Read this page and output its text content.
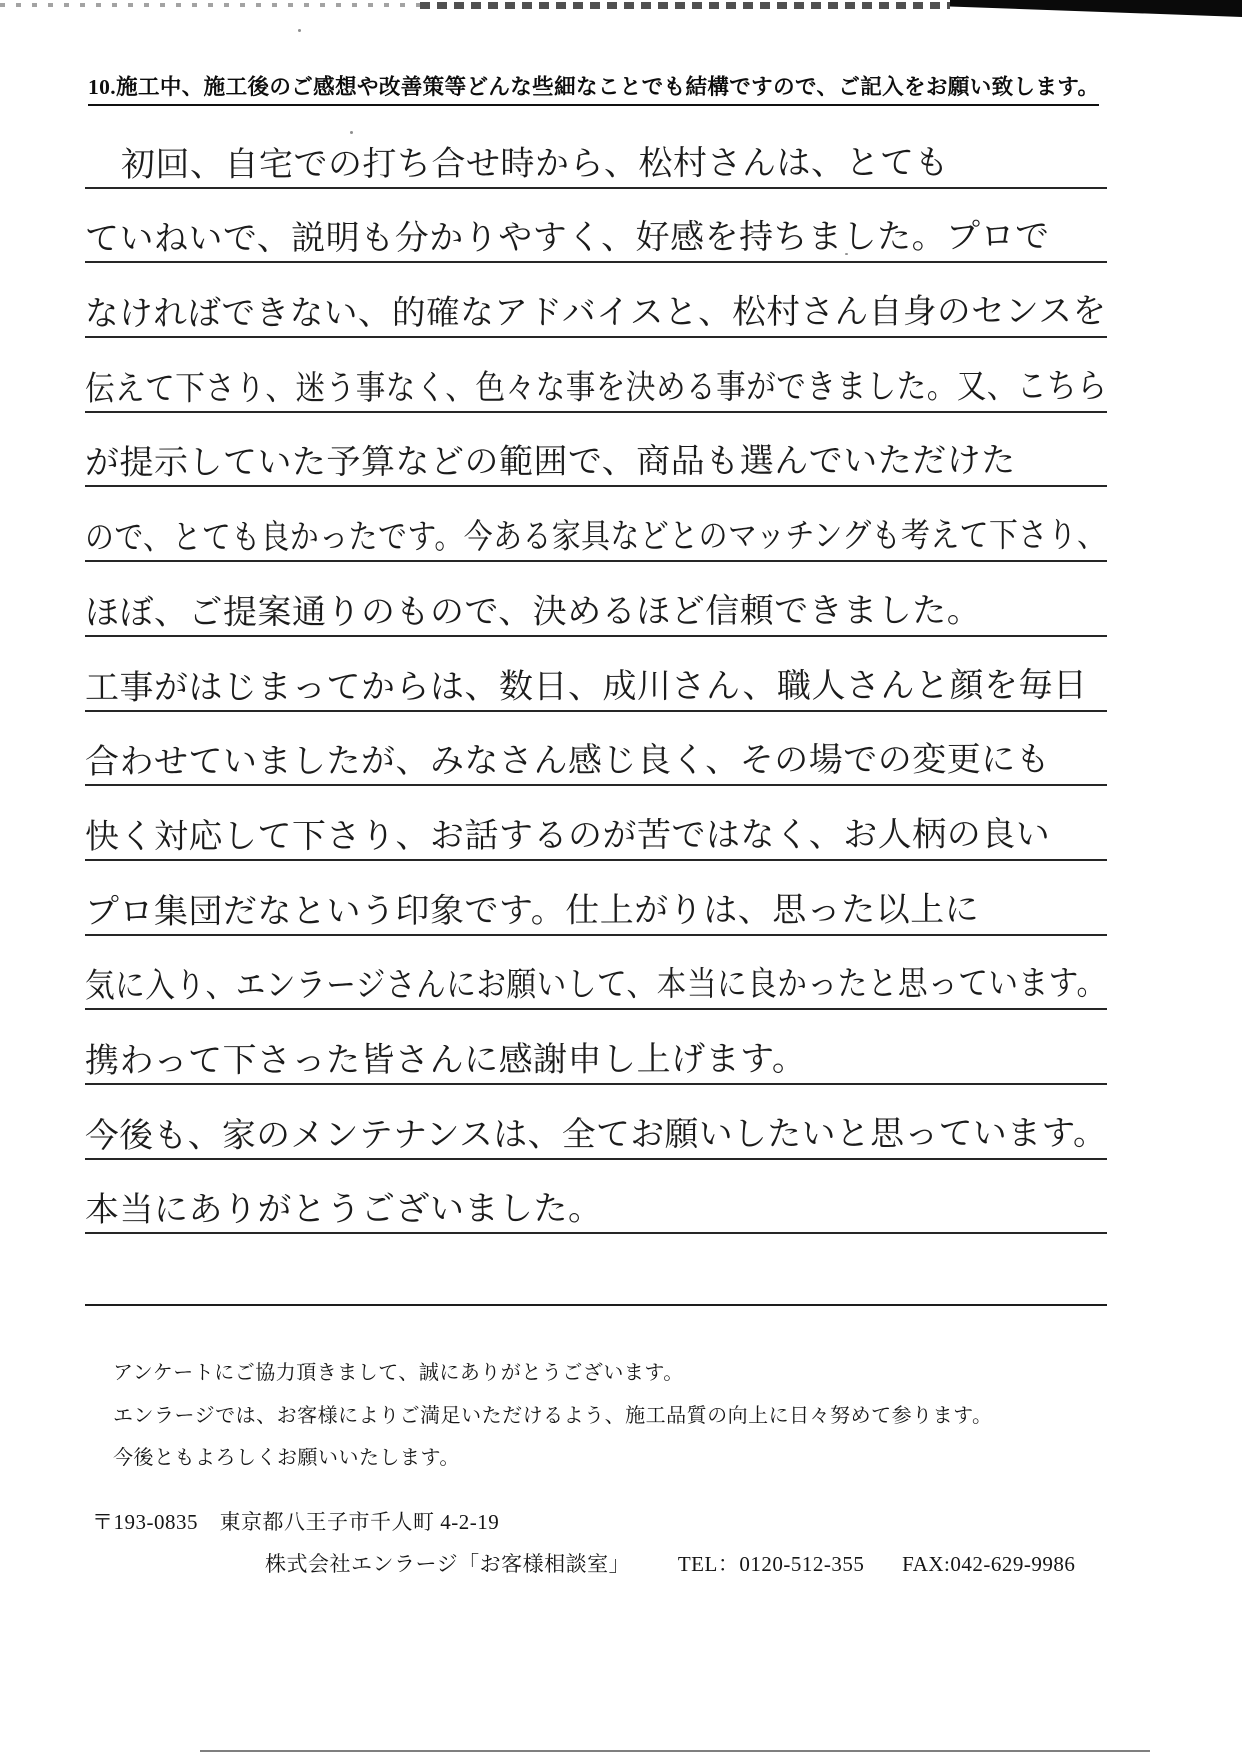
10.施工中、施工後のご感想や改善策等どんな些細なことでも結構ですので、ご記入をお願い致します。
初回、自宅での打ち合せ時から、松村さんは、とても
ていねいで、説明も分かりやすく、好感を持ちました。プロで
なければできない、的確なアドバイスと、松村さん自身のセンスを
伝えて下さり、迷う事なく、色々な事を決める事ができました。又、こちら
が提示していた予算などの範囲で、商品も選んでいただけた
ので、とても良かったです。今ある家具などとのマッチングも考えて下さり、
ほぼ、ご提案通りのもので、決めるほど信頼できました。
工事がはじまってからは、数日、成川さん、職人さんと顔を毎日
合わせていましたが、みなさん感じ良く、その場での変更にも
快く対応して下さり、お話するのが苦ではなく、お人柄の良い
プロ集団だなという印象です。仕上がりは、思った以上に
気に入り、エンラージさんにお願いして、本当に良かったと思っています。
携わって下さった皆さんに感謝申し上げます。
今後も、家のメンテナンスは、全てお願いしたいと思っています。
本当にありがとうございました。
アンケートにご協力頂きまして、誠にありがとうございます。
エンラージでは、お客様によりご満足いただけるよう、施工品質の向上に日々努めて参ります。
今後ともよろしくお願いいたします。
〒193-0835　東京都八王子市千人町 4-2-19
株式会社エンラージ「お客様相談室」 TEL：0120-512-355 FAX:042-629-9986
